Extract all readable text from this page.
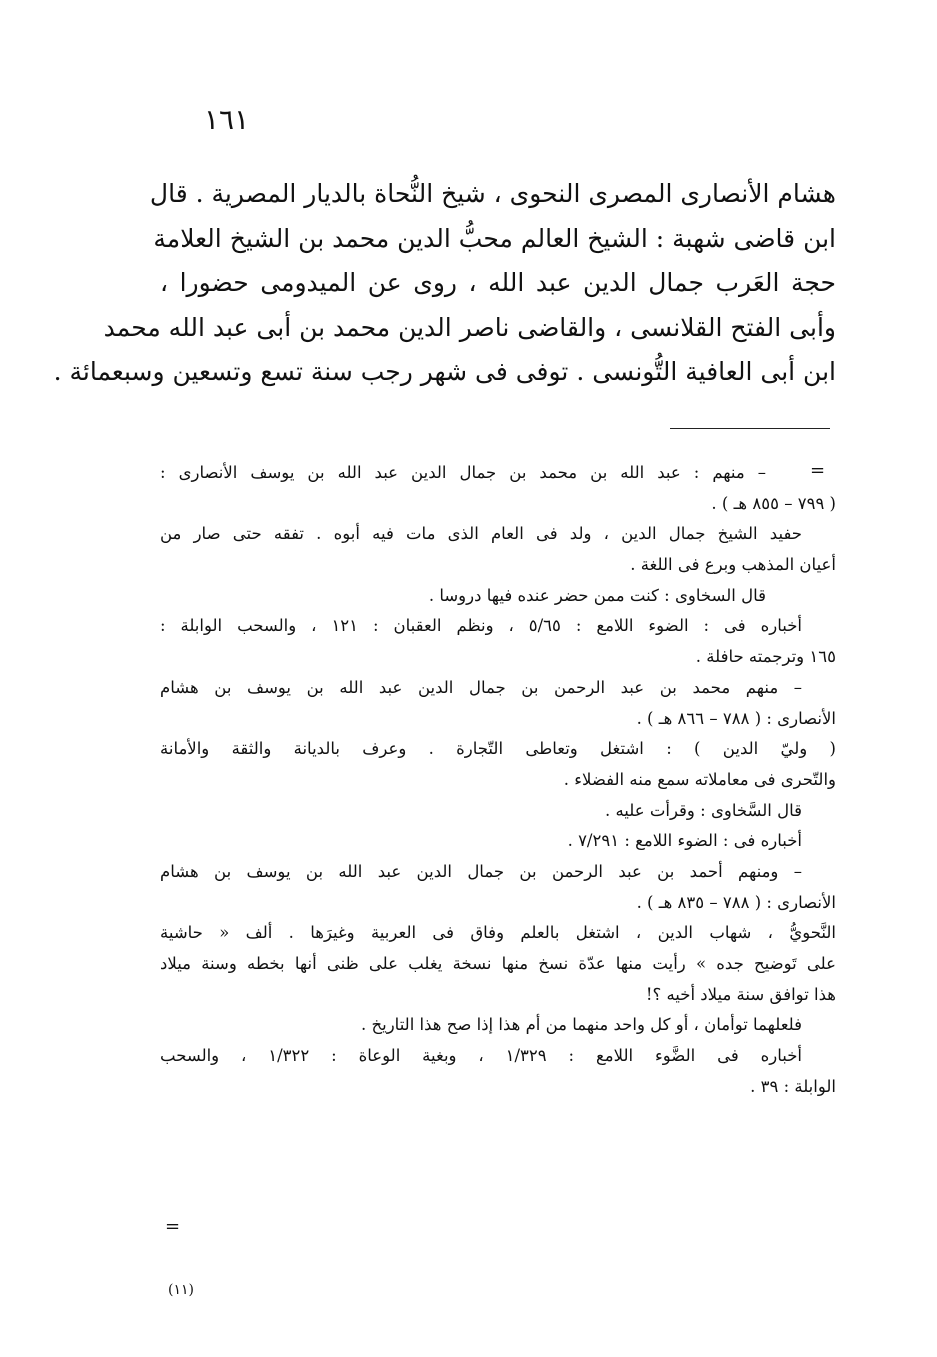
١٦١
هشام الأنصارى المصرى النحوى ، شيخ النُّحاة بالديار المصرية . قال
ابن قاضى شهبة : الشيخ العالم محبُّ الدين محمد بن الشيخ العلامة
حجة العَرب جمال الدين عبد الله ، روى عن الميدومى حضورا ،
وأبى الفتح القلانسى ، والقاضى ناصر الدين محمد بن أبى عبد الله محمد
ابن أبى العافية التُّونسى . توفى فى شهر رجب سنة تسع وتسعين وسبعمائة .
=
– منهم : عبد الله بن محمد بن جمال الدين عبد الله بن يوسف الأنصارى :
( ٧٩٩ – ٨٥٥ هـ ) .
حفيد الشيخ جمال الدين ، ولد فى العام الذى مات فيه أبوه . تفقه حتى صار من
أعيان المذهب وبرع فى اللغة .
قال السخاوى : كنت ممن حضر عنده فيها دروسا .
أخباره فى : الضوء اللامع : ٥/٦٥ ، ونظم العقبان : ١٢١ ، والسحب الوابلة :
١٦٥ وترجمته حافلة .
– منهم محمد بن عبد الرحمن بن جمال الدين عبد الله بن يوسف بن هشام
الأنصارى : ( ٧٨٨ – ٨٦٦ هـ ) .
( وليّ الدين ) : اشتغل وتعاطى التّجارة . وعرف بالديانة والثقة والأمانة
والتّحرى فى معاملاته سمع منه الفضلاء .
قال السَّخاوى : وقرأت عليه .
أخباره فى : الضوء اللامع : ٧/٢٩١ .
– ومنهم أحمد بن عبد الرحمن بن جمال الدين عبد الله بن يوسف بن هشام
الأنصارى : ( ٧٨٨ – ٨٣٥ هـ ) .
النَّحويُّ ، شهاب الدين ، اشتغل بالعلم وفاق فى العربية وغيرَها . ألف « حاشية
على تَوضيح جده » رأيت منها عدّة نسخ منها نسخة يغلب على ظنى أنها بخطه وسنة ميلاد
هذا توافق سنة ميلاد أخيه ؟!
فلعلهما توأمان ، أو كل واحد منهما من أم هذا إذا صح هذا التاريخ .
أخباره فى الضَّوء اللامع : ١/٣٢٩ ، وبغية الوعاة : ١/٣٢٢ ، والسحب
الوابلة : ٣٩ .
=
(١١)
